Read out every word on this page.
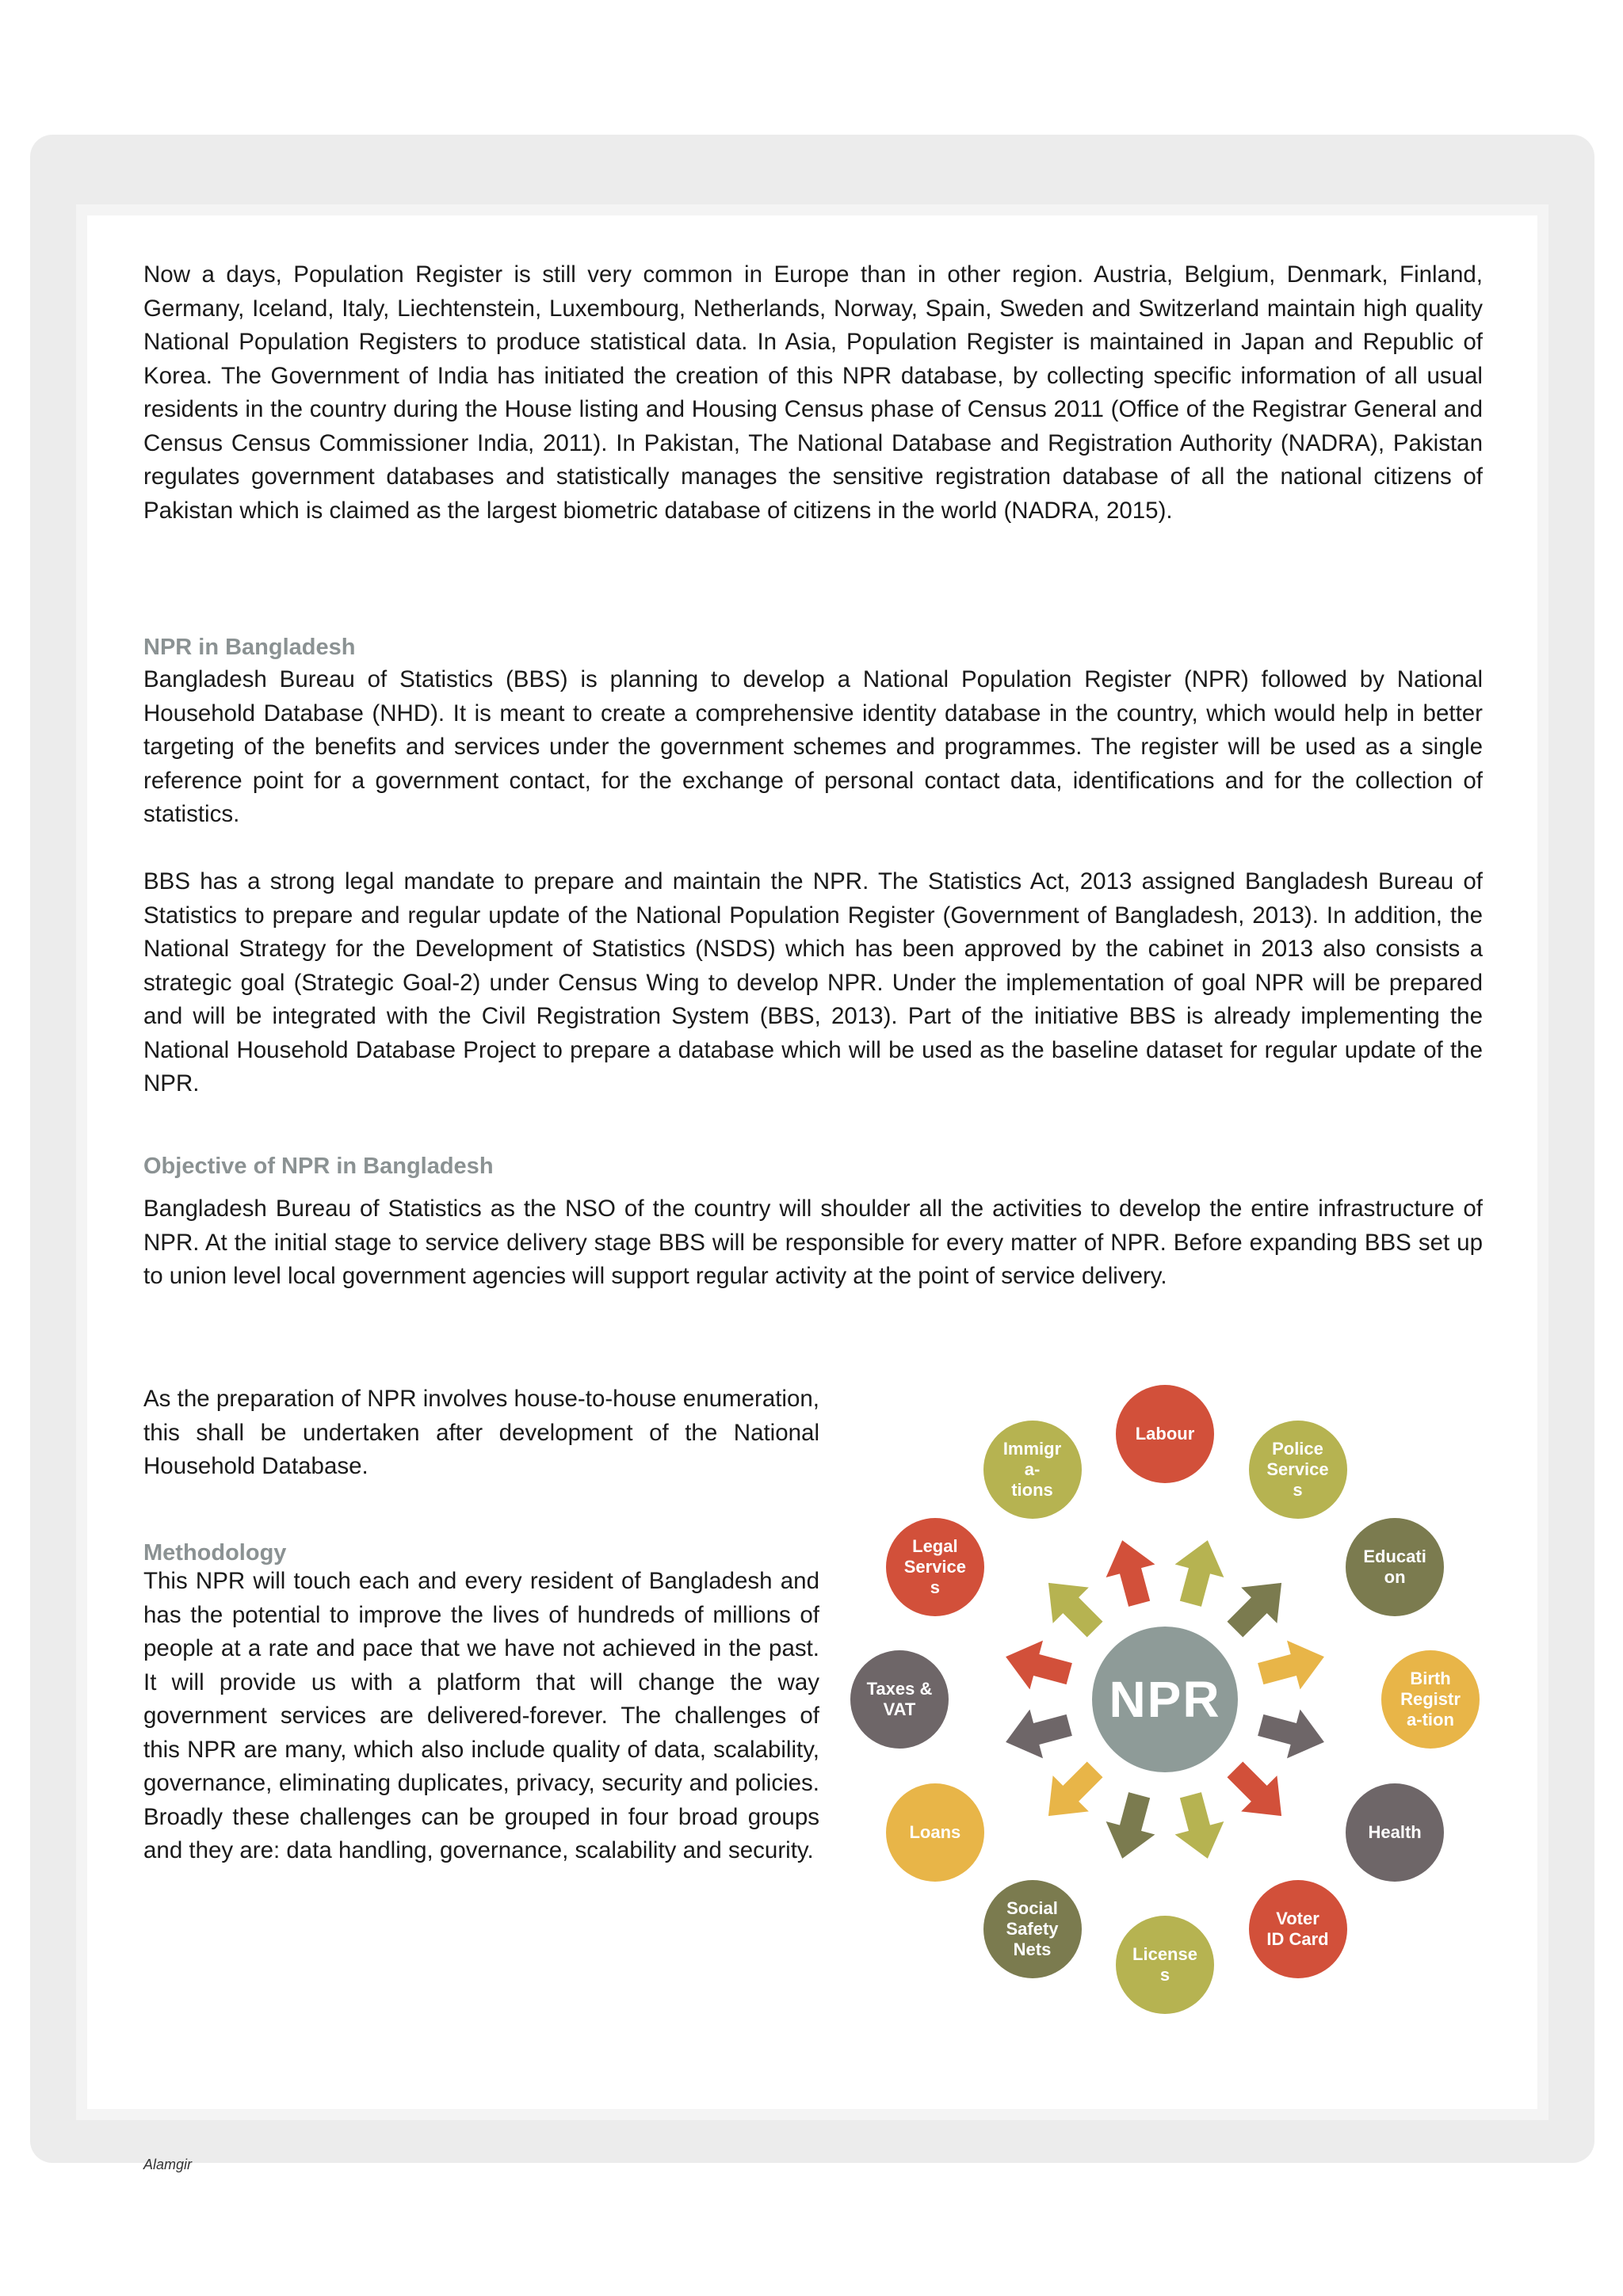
Now a days, Population Register is still very common in Europe than in other region. Austria, Belgium, Denmark, Finland, Germany, Iceland, Italy, Liechtenstein, Luxembourg, Netherlands, Norway, Spain, Sweden and Switzerland maintain high quality National Population Registers to produce statistical data. In Asia, Population Register is maintained in Japan and Republic of Korea. The Government of India has initiated the creation of this NPR database, by collecting specific information of all usual residents in the country during the House listing and Housing Census phase of Census 2011 (Office of the Registrar General and Census Census Commissioner India, 2011). In Pakistan, The National Database and Registration Authority (NADRA), Pakistan regulates government databases and statistically manages the sensitive registration database of all the national citizens of Pakistan which is claimed as the largest biometric database of citizens in the world (NADRA, 2015).

NPR in Bangladesh

Bangladesh Bureau of Statistics (BBS) is planning to develop a National Population Register (NPR) followed by National Household Database (NHD). It is meant to create a comprehensive identity database in the country, which would help in better targeting of the benefits and services under the government schemes and programmes. The register will be used as a single reference point for a government contact, for the exchange of personal contact data, identifications and for the collection of statistics.

BBS has a strong legal mandate to prepare and maintain the NPR. The Statistics Act, 2013 assigned Bangladesh Bureau of Statistics to prepare and regular update of the National Population Register (Government of Bangladesh, 2013). In addition, the National Strategy for the Development of Statistics (NSDS) which has been approved by the cabinet in 2013 also consists a strategic goal (Strategic Goal-2) under Census Wing to develop NPR. Under the implementation of goal NPR will be prepared and will be integrated with the Civil Registration System (BBS, 2013). Part of the initiative BBS is already implementing the National Household Database Project to prepare a database which will be used as the baseline dataset for regular update of the NPR.

Objective of NPR in Bangladesh

Bangladesh Bureau of Statistics as the NSO of the country will shoulder all the activities to develop the entire infrastructure of NPR. At the initial stage to service delivery stage BBS will be responsible for every matter of NPR. Before expanding BBS set up to union level local government agencies will support regular activity at the point of service delivery.

As the preparation of NPR involves house-to-house enumeration, this shall be undertaken after development of the National Household Database.

Methodology

This NPR will touch each and every resident of Bangladesh and has the potential to improve the lives of hundreds of millions of people at a rate and pace that we have not achieved in the past. It will provide us with a platform that will change the way government services are delivered-forever. The challenges of this NPR are many, which also include quality of data, scalability, governance, eliminating duplicates, privacy, security and policies. Broadly these challenges can be grouped in four broad groups and they are: data handling, governance, scalability and security.

NPR
Labour
Police
Service
s
Educati
on
Birth
Registr
a-tion
Health
Voter
ID Card
License
s
Social
Safety
Nets
Loans
Taxes &
VAT
Legal
Service
s
Immigr
a-
tions
October 15, 2016
Alamgir
